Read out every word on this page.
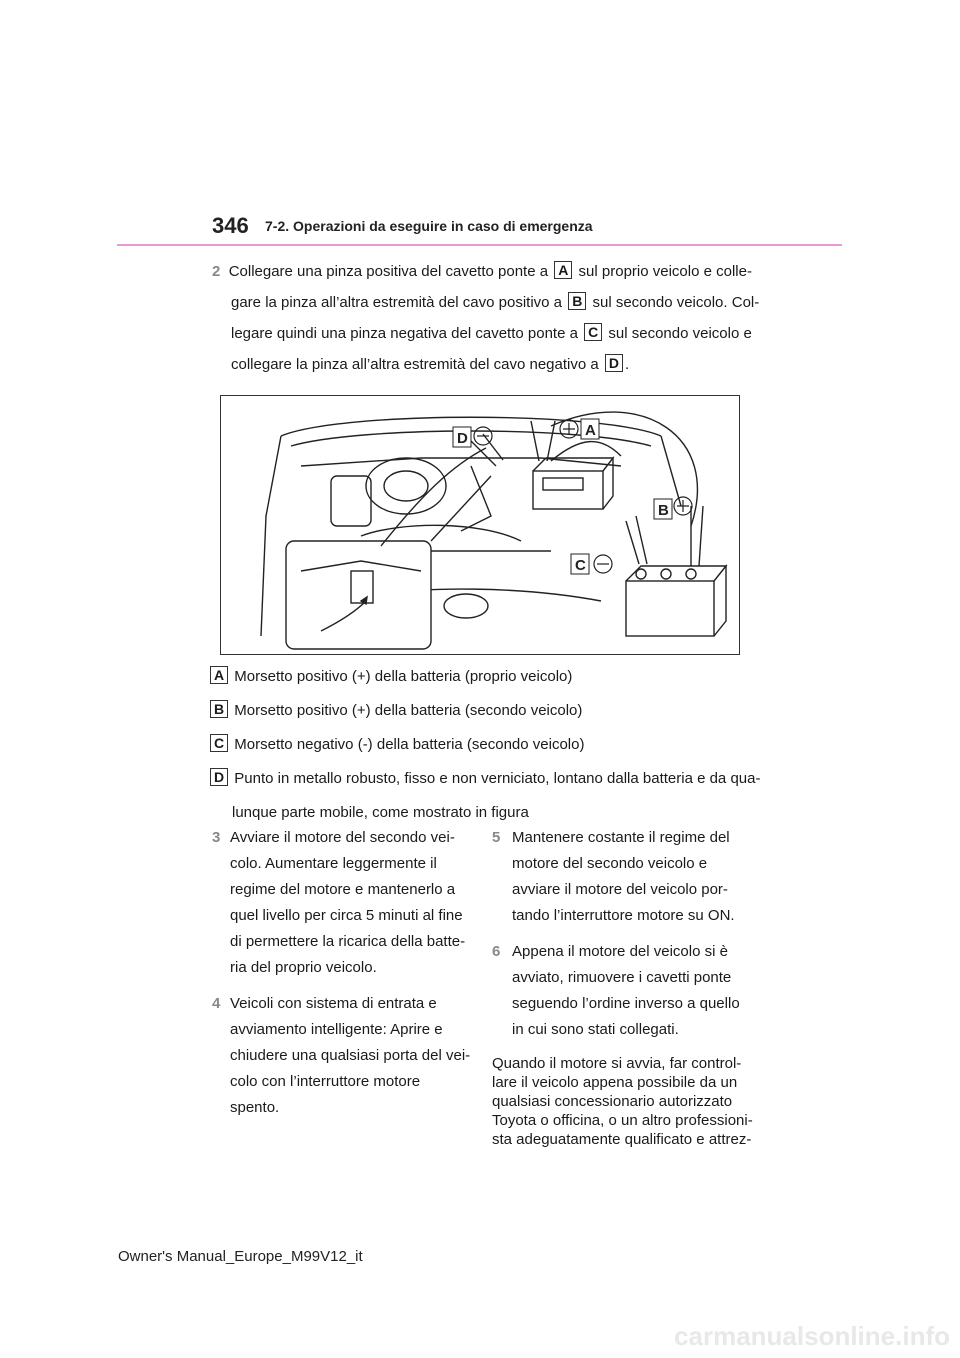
346 7-2. Operazioni da eseguire in caso di emergenza
2 Collegare una pinza positiva del cavetto ponte a A sul proprio veicolo e colle-
gare la pinza all’altra estremità del cavo positivo a B sul secondo veicolo. Col-
legare quindi una pinza negativa del cavetto ponte a C sul secondo veicolo e
collegare la pinza all’altra estremità del cavo negativo a D .
A
B
C
D
A Morsetto positivo (+) della batteria (proprio veicolo)
B Morsetto positivo (+) della batteria (secondo veicolo)
C Morsetto negativo (-) della batteria (secondo veicolo)
D Punto in metallo robusto, fisso e non verniciato, lontano dalla batteria e da qua-
lunque parte mobile, come mostrato in figura
3 Avviare il motore del secondo vei-
colo. Aumentare leggermente il
regime del motore e mantenerlo a
quel livello per circa 5 minuti al fine
di permettere la ricarica della batte-
ria del proprio veicolo.
4 Veicoli con sistema di entrata e
avviamento intelligente: Aprire e
chiudere una qualsiasi porta del vei-
colo con l’interruttore motore
spento.
5 Mantenere costante il regime del
motore del secondo veicolo e
avviare il motore del veicolo por-
tando l’interruttore motore su ON.
6 Appena il motore del veicolo si è
avviato, rimuovere i cavetti ponte
seguendo l’ordine inverso a quello
in cui sono stati collegati.
Quando il motore si avvia, far control-
lare il veicolo appena possibile da un
qualsiasi concessionario autorizzato
Toyota o officina, o un altro professioni-
sta adeguatamente qualificato e attrez-
Owner's Manual_Europe_M99V12_it
carmanualsonline.info
